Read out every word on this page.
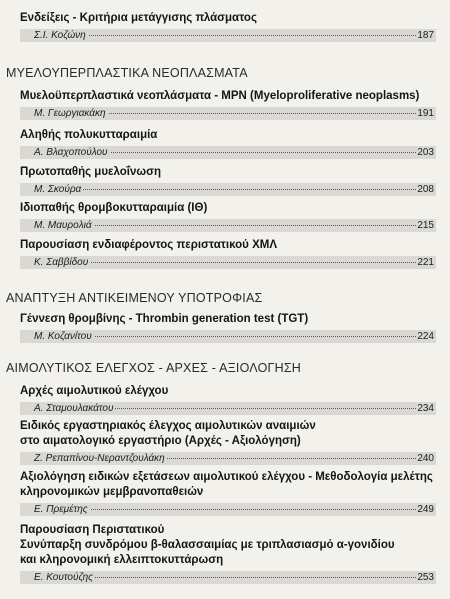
Ενδείξεις - Κριτήρια μετάγγισης πλάσματος
Σ.Ι. Κοζώνη	187
ΜΥΕΛΟΥΠΕΡΠΛΑΣΤΙΚΑ ΝΕΟΠΛΑΣΜΑΤΑ
Μυελοϋπερπλαστικά νεοπλάσματα - MPN (Myeloproliferative neoplasms)
Μ. Γεωργιακάκη	191
Αληθής πολυκυτταραιμία
Α. Βλαχοπούλου	203
Πρωτοπαθής μυελοΐνωση
Μ. Σκούρα	208
Ιδιοπαθής θρομβοκυτταραιμία (ΙΘ)
Μ. Μαυρολιά	215
Παρουσίαση ενδιαφέροντος περιστατικού ΧΜΛ
Κ. Σαββίδου	221
ΑΝΑΠΤΥΞΗ ΑΝΤΙΚΕΙΜΕΝΟΥ ΥΠΟΤΡΟΦΙΑΣ
Γέννεση θρομβίνης - Thrombin generation test (TGT)
Μ. Κοζανίτου	224
ΑΙΜΟΛΥΤΙΚΟΣ ΕΛΕΓΧΟΣ - ΑΡΧΕΣ - ΑΞΙΟΛΟΓΗΣΗ
Αρχές αιμολυτικού ελέγχου
Α. Σταμουλακάτου	234
Ειδικός εργαστηριακός έλεγχος αιμολυτικών αναιμιών
στο αιματολογικό εργαστήριο (Αρχές - Αξιολόγηση)
Ζ. Ρεπαπίνου-Νεραντζουλάκη	240
Αξιολόγηση ειδικών εξετάσεων αιμολυτικού ελέγχου - Μεθοδολογία μελέτης
κληρονομικών μεμβρανοπαθειών
Ε. Πρεμέτης	249
Παρουσίαση Περιστατικού
Συνύπαρξη συνδρόμου β-θαλασσαιμίας με τριπλασιασμό α-γονιδίου
και κληρονομική ελλειπτοκυττάρωση
Ε. Κουτούζης	253
